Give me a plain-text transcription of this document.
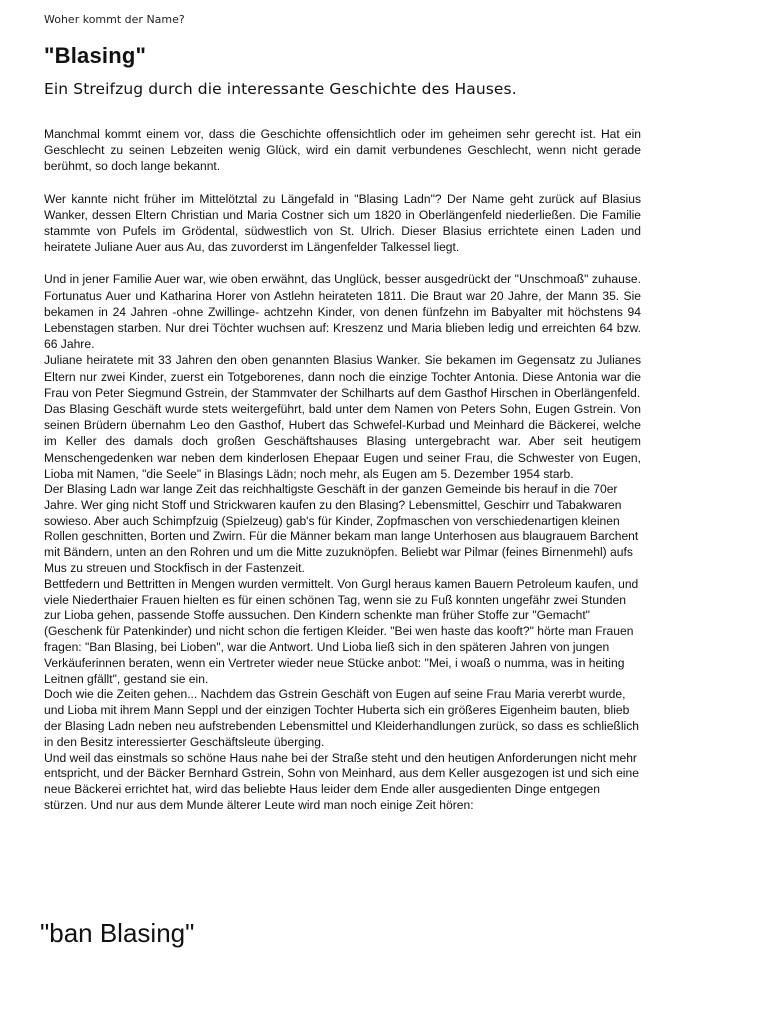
Woher kommt der Name?
"Blasing"
Ein Streifzug durch die interessante Geschichte des Hauses.

Manchmal kommt einem vor, dass die Geschichte offensichtlich oder im geheimen sehr gerecht ist. Hat ein Geschlecht zu seinen Lebzeiten wenig Glück, wird ein damit verbundenes Geschlecht, wenn nicht gerade berühmt, so doch lange bekannt.

Wer kannte nicht früher im Mittelötztal zu Längefald in "Blasing Ladn"? Der Name geht zurück auf Blasius Wanker, dessen Eltern Christian und Maria Costner sich um 1820 in Oberlängenfeld niederließen. Die Familie stammte von Pufels im Grödental, südwestlich von St. Ulrich. Dieser Blasius errichtete einen Laden und heiratete Juliane Auer aus Au, das zuvorderst im Längenfelder Talkessel liegt.

Und in jener Familie Auer war, wie oben erwähnt, das Unglück, besser ausgedrückt der "Unschmoaß" zuhause. Fortunatus Auer und Katharina Horer von Astlehn heirateten 1811. Die Braut war 20 Jahre, der Mann 35. Sie bekamen in 24 Jahren -ohne Zwillinge- achtzehn Kinder, von denen fünfzehn im Babyalter mit höchstens 94 Lebenstagen starben. Nur drei Töchter wuchsen auf: Kreszenz und Maria blieben ledig und erreichten 64 bzw. 66 Jahre.

Juliane heiratete mit 33 Jahren den oben genannten Blasius Wanker. Sie bekamen im Gegensatz zu Julianes Eltern nur zwei Kinder, zuerst ein Totgeborenes, dann noch die einzige Tochter Antonia. Diese Antonia war die Frau von Peter Siegmund Gstrein, der Stammvater der Schilharts auf dem Gasthof Hirschen in Oberlängenfeld.

Das Blasing Geschäft wurde stets weitergeführt, bald unter dem Namen von Peters Sohn, Eugen Gstrein. Von seinen Brüdern übernahm Leo den Gasthof, Hubert das Schwefel-Kurbad und Meinhard die Bäckerei, welche im Keller des damals doch großen Geschäftshauses Blasing untergebracht war. Aber seit heutigem Menschengedenken war neben dem kinderlosen Ehepaar Eugen und seiner Frau, die Schwester von Eugen, Lioba mit Namen, "die Seele" in Blasings Lädn; noch mehr, als Eugen am 5. Dezember 1954 starb.

Der Blasing Ladn war lange Zeit das reichhaltigste Geschäft in der ganzen Gemeinde bis herauf in die 70er Jahre. Wer ging nicht Stoff und Strickwaren kaufen zu den Blasing? Lebensmittel, Geschirr und Tabakwaren sowieso. Aber auch Schimpfzuig (Spielzeug) gab's für Kinder, Zopfmaschen von verschiedenartigen kleinen Rollen geschnitten, Borten und Zwirn. Für die Männer bekam man lange Unterhosen aus blaugrauem Barchent mit Bändern, unten an den Rohren und um die Mitte zuzuknöpfen. Beliebt war Pilmar (feines Birnenmehl) aufs Mus zu streuen und Stockfisch in der Fastenzeit.

Bettfedern und Bettritten in Mengen wurden vermittelt. Von Gurgl heraus kamen Bauern Petroleum kaufen, und viele Niederthaier Frauen hielten es für einen schönen Tag, wenn sie zu Fuß konnten ungefähr zwei Stunden zur Lioba gehen, passende Stoffe aussuchen. Den Kindern schenkte man früher Stoffe zur "Gemacht" (Geschenk für Patenkinder) und nicht schon die fertigen Kleider. "Bei wen haste das kooft?" hörte man Frauen fragen: "Ban Blasing, bei Lioben", war die Antwort. Und Lioba ließ sich in den späteren Jahren von jungen Verkäuferinnen beraten, wenn ein Vertreter wieder neue Stücke anbot: "Mei, i woaß o numma, was in heiting Leitnen gfällt", gestand sie ein.

Doch wie die Zeiten gehen... Nachdem das Gstrein Geschäft von Eugen auf seine Frau Maria vererbt wurde, und Lioba mit ihrem Mann Seppl und der einzigen Tochter Huberta sich ein größeres Eigenheim bauten, blieb der Blasing Ladn neben neu aufstrebenden Lebensmittel und Kleiderhandlungen zurück, so dass es schließlich in den Besitz interessierter Geschäftsleute überging.

Und weil das einstmals so schöne Haus nahe bei der Straße steht und den heutigen Anforderungen nicht mehr entspricht, und der Bäcker Bernhard Gstrein, Sohn von Meinhard, aus dem Keller ausgezogen ist und sich eine neue Bäckerei errichtet hat, wird das beliebte Haus leider dem Ende aller ausgedienten Dinge entgegen stürzen. Und nur aus dem Munde älterer Leute wird man noch einige Zeit hören:

"ban Blasing"
